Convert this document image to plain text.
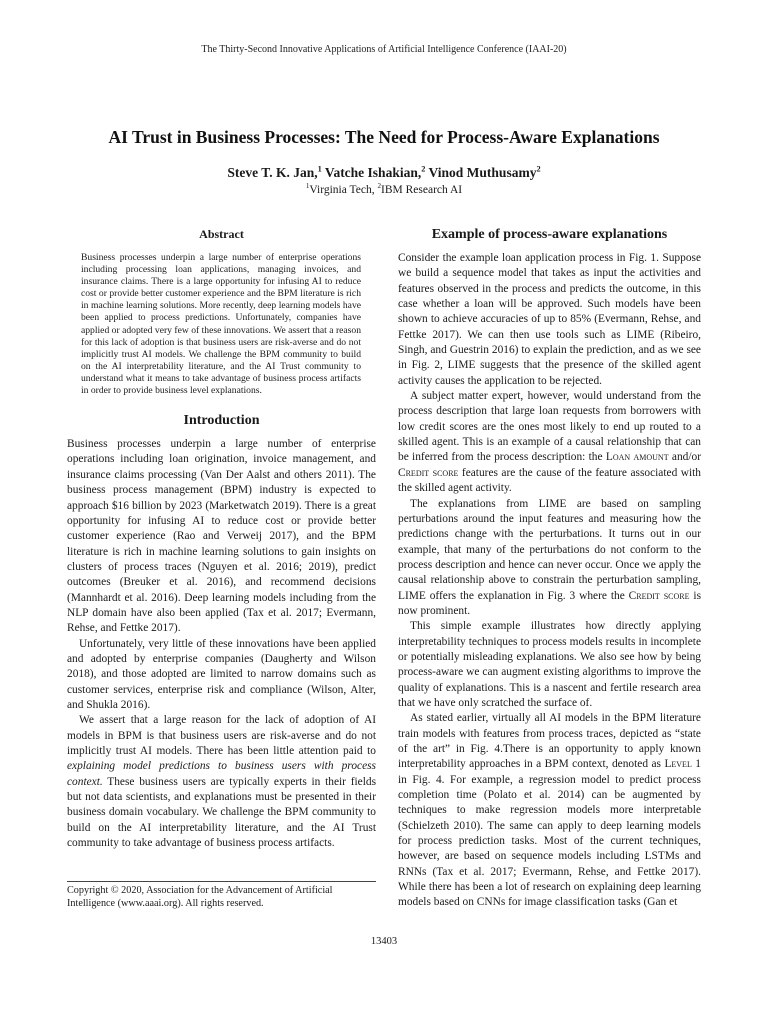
The Thirty-Second Innovative Applications of Artificial Intelligence Conference (IAAI-20)
AI Trust in Business Processes: The Need for Process-Aware Explanations
Steve T. K. Jan,$^1$ Vatche Ishakian,$^2$ Vinod Muthusamy$^2$
$^1$Virginia Tech, $^2$IBM Research AI
Abstract

Business processes underpin a large number of enterprise operations including processing loan applications, managing invoices, and insurance claims. There is a large opportunity for infusing AI to reduce cost or provide better customer experience and the BPM literature is rich in machine learning solutions. More recently, deep learning models have been applied to process predictions. Unfortunately, companies have applied or adopted very few of these innovations. We assert that a reason for this lack of adoption is that business users are risk-averse and do not implicitly trust AI models. We challenge the BPM community to build on the AI interpretability literature, and the AI Trust community to understand what it means to take advantage of business process artifacts in order to provide business level explanations.

Introduction

Business processes underpin a large number of enterprise operations including loan origination, invoice management, and insurance claims processing (Van Der Aalst and others 2011). The business process management (BPM) industry is expected to approach $16 billion by 2023 (Marketwatch 2019). There is a great opportunity for infusing AI to reduce cost or provide better customer experience (Rao and Verweij 2017), and the BPM literature is rich in machine learning solutions to gain insights on clusters of process traces (Nguyen et al. 2016; 2019), predict outcomes (Breuker et al. 2016), and recommend decisions (Mannhardt et al. 2016). Deep learning models including from the NLP domain have also been applied (Tax et al. 2017; Evermann, Rehse, and Fettke 2017).

Unfortunately, very little of these innovations have been applied and adopted by enterprise companies (Daugherty and Wilson 2018), and those adopted are limited to narrow domains such as customer services, enterprise risk and compliance (Wilson, Alter, and Shukla 2016).

We assert that a large reason for the lack of adoption of AI models in BPM is that business users are risk-averse and do not implicitly trust AI models. There has been little attention paid to explaining model predictions to business users with process context. These business users are typically experts in their fields but not data scientists, and explanations must be presented in their business domain vocabulary. We challenge the BPM community to build on the AI interpretability literature, and the AI Trust community to take advantage of business process artifacts.

Copyright © 2020, Association for the Advancement of Artificial Intelligence (www.aaai.org). All rights reserved.
Example of process-aware explanations

Consider the example loan application process in Fig. 1. Suppose we build a sequence model that takes as input the activities and features observed in the process and predicts the outcome, in this case whether a loan will be approved. Such models have been shown to achieve accuracies of up to 85% (Evermann, Rehse, and Fettke 2017). We can then use tools such as LIME (Ribeiro, Singh, and Guestrin 2016) to explain the prediction, and as we see in Fig. 2, LIME suggests that the presence of the skilled agent activity causes the application to be rejected.

A subject matter expert, however, would understand from the process description that large loan requests from borrowers with low credit scores are the ones most likely to end up routed to a skilled agent. This is an example of a causal relationship that can be inferred from the process description: the Loan amount and/or Credit score features are the cause of the feature associated with the skilled agent activity.

The explanations from LIME are based on sampling perturbations around the input features and measuring how the predictions change with the perturbations. It turns out in our example, that many of the perturbations do not conform to the process description and hence can never occur. Once we apply the causal relationship above to constrain the perturbation sampling, LIME offers the explanation in Fig. 3 where the Credit score is now prominent.

This simple example illustrates how directly applying interpretability techniques to process models results in incomplete or potentially misleading explanations. We also see how by being process-aware we can augment existing algorithms to improve the quality of explanations. This is a nascent and fertile research area that we have only scratched the surface of.

As stated earlier, virtually all AI models in the BPM literature train models with features from process traces, depicted as “state of the art” in Fig. 4.There is an opportunity to apply known interpretability approaches in a BPM context, denoted as Level 1 in Fig. 4. For example, a regression model to predict process completion time (Polato et al. 2014) can be augmented by techniques to make regression models more interpretable (Schielzeth 2010). The same can apply to deep learning models for process prediction tasks. Most of the current techniques, however, are based on sequence models including LSTMs and RNNs (Tax et al. 2017; Evermann, Rehse, and Fettke 2017). While there has been a lot of research on explaining deep learning models based on CNNs for image classification tasks (Gan et

13403
